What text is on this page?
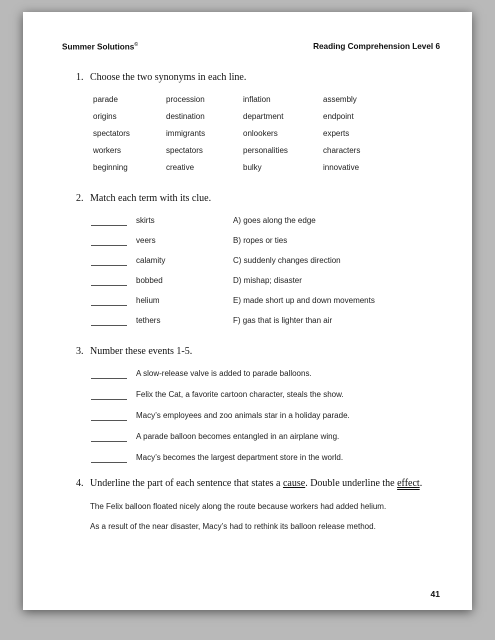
Summer Solutions©	Reading Comprehension Level 6
1. Choose the two synonyms in each line.
parade	procession	inflation	assembly
origins	destination	department	endpoint
spectators	immigrants	onlookers	experts
workers	spectators	personalities	characters
beginning	creative	bulky	innovative
2. Match each term with its clue.
skirts	A) goes along the edge
veers	B) ropes or ties
calamity	C) suddenly changes direction
bobbed	D) mishap; disaster
helium	E) made short up and down movements
tethers	F) gas that is lighter than air
3. Number these events 1-5.
A slow-release valve is added to parade balloons.
Felix the Cat, a favorite cartoon character, steals the show.
Macy’s employees and zoo animals star in a holiday parade.
A parade balloon becomes entangled in an airplane wing.
Macy’s becomes the largest department store in the world.
4. Underline the part of each sentence that states a cause. Double underline the effect.
The Felix balloon floated nicely along the route because workers had added helium.
As a result of the near disaster, Macy’s had to rethink its balloon release method.
41
